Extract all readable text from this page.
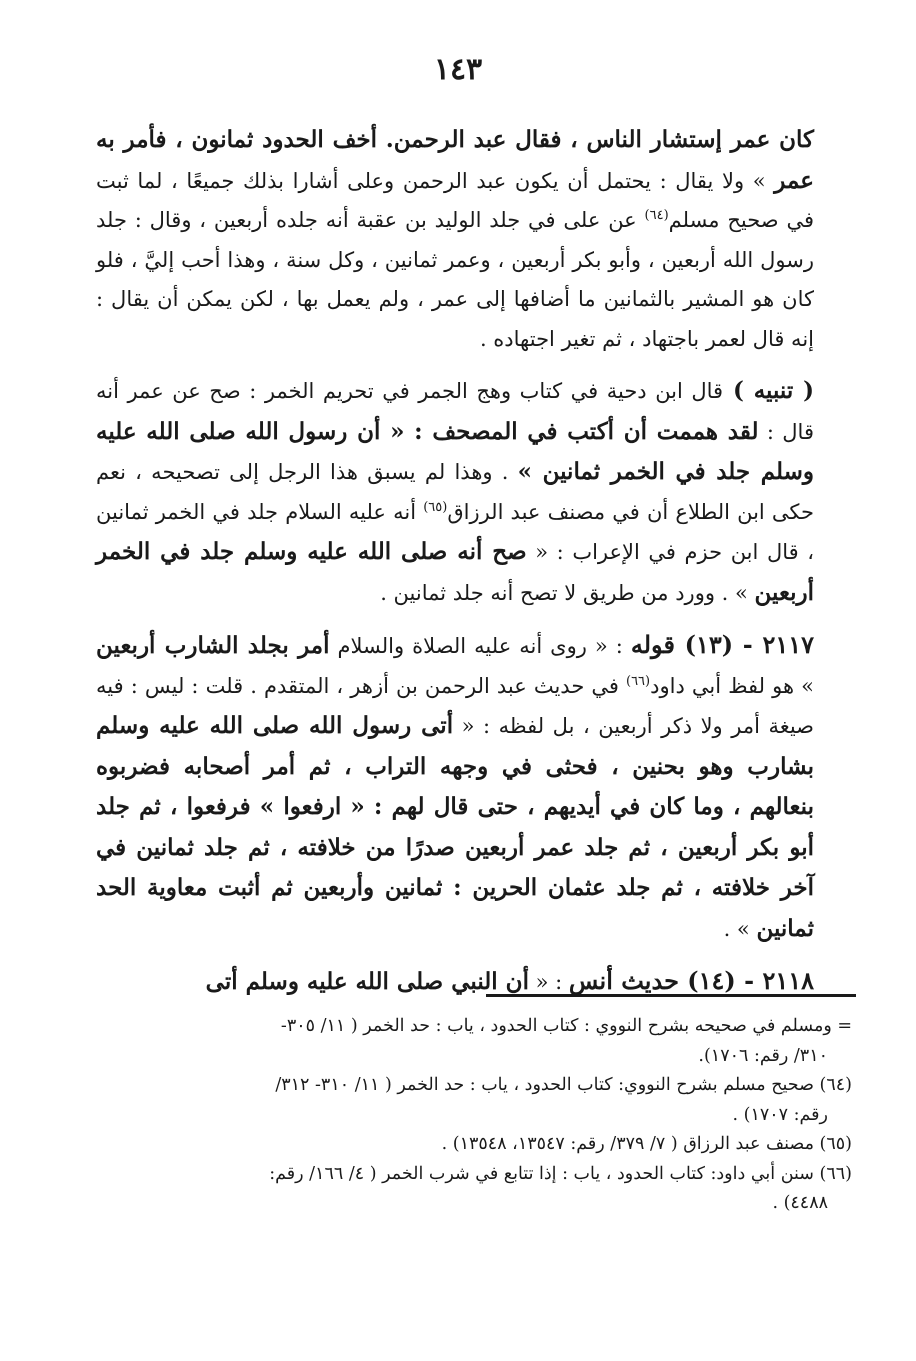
١٤٣

كان عمر إستشار الناس ، فقال عبد الرحمن. أخف الحدود ثمانون ، فأمر به عمر » ولا يقال : يحتمل أن يكون عبد الرحمن وعلى أشارا بذلك جميعًا ، لما ثبت في صحيح مسلم$^{(٦٤)}$ عن على في جلد الوليد بن عقبة أنه جلده أربعين ، وقال : جلد رسول الله أربعين ، وأبو بكر أربعين ، وعمر ثمانين ، وكل سنة ، وهذا أحب إليَّ ، فلو كان هو المشير بالثمانين ما أضافها إلى عمر ، ولم يعمل بها ، لكن يمكن أن يقال : إنه قال لعمر باجتهاد ، ثم تغير اجتهاده .

( تنبيه ) قال ابن دحية في كتاب وهج الجمر في تحريم الخمر : صح عن عمر أنه قال : لقد هممت أن أكتب في المصحف : « أن رسول الله صلى الله عليه وسلم جلد في الخمر ثمانين » . وهذا لم يسبق هذا الرجل إلى تصحيحه ، نعم حكى ابن الطلاع أن في مصنف عبد الرزاق$^{(٦٥)}$ أنه عليه السلام جلد في الخمر ثمانين ، قال ابن حزم في الإعراب : « صح أنه صلى الله عليه وسلم جلد في الخمر أربعين » . وورد من طريق لا تصح أنه جلد ثمانين .

٢١١٧ - (١٣) قوله : « روى أنه عليه الصلاة والسلام أمر بجلد الشارب أربعين » هو لفظ أبي داود$^{(٦٦)}$ في حديث عبد الرحمن بن أزهر ، المتقدم . قلت : ليس : فيه صيغة أمر ولا ذكر أربعين ، بل لفظه : « أتى رسول الله صلى الله عليه وسلم بشارب وهو بحنين ، فحثى في وجهه التراب ، ثم أمر أصحابه فضربوه بنعالهم ، وما كان في أيديهم ، حتى قال لهم : « ارفعوا » فرفعوا ، ثم جلد أبو بكر أربعين ، ثم جلد عمر أربعين صدرًا من خلافته ، ثم جلد ثمانين في آخر خلافته ، ثم جلد عثمان الحرين : ثمانين وأربعين ثم أثبت معاوية الحد ثمانين » .

٢١١٨ - (١٤) حديث أنس : « أن النبي صلى الله عليه وسلم أتى

= ومسلم في صحيحه بشرح النووي : كتاب الحدود ، ياب : حد الخمر ( ١١/ ٣٠٥-
٣١٠/ رقم: ١٧٠٦).

(٦٤) صحيح مسلم بشرح النووي: كتاب الحدود ، ياب : حد الخمر ( ١١/ ٣١٠- ٣١٢/
رقم: ١٧٠٧) .

(٦٥) مصنف عبد الرزاق ( ٧/ ٣٧٩/ رقم: ١٣٥٤٧، ١٣٥٤٨) .

(٦٦) سنن أبي داود: كتاب الحدود ، ياب : إذا تتابع في شرب الخمر ( ٤/ ١٦٦/ رقم:
٤٤٨٨) .
